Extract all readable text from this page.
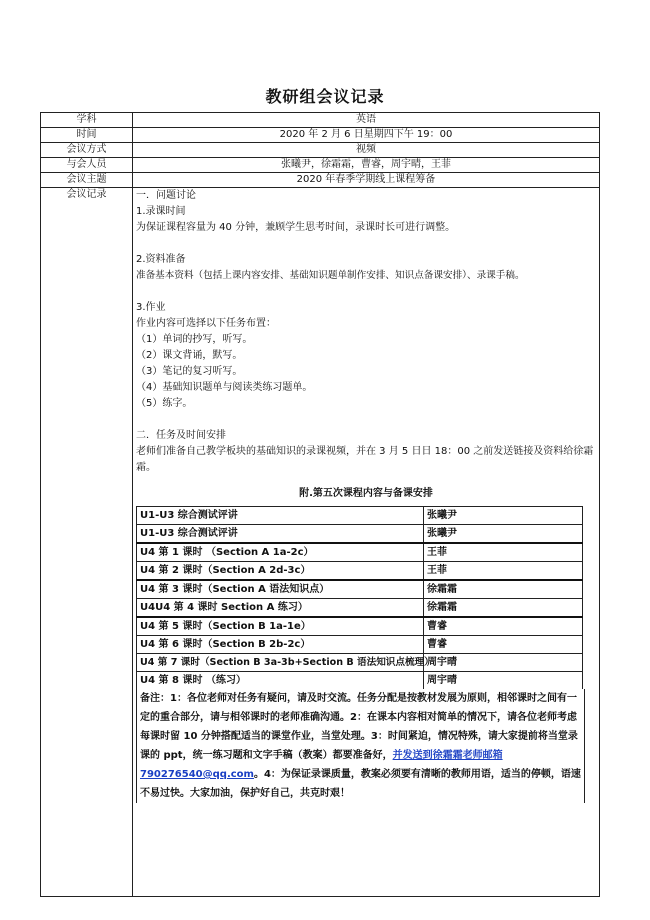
教研组会议记录
学科	英语
时间	2020 年 2 月 6 日星期四下午 19：00
会议方式	视频
与会人员	张曦尹，徐霜霜，曹睿，周宇晴，王菲
会议主题	2020 年春季学期线上课程筹备
会议记录	一．问题讨论

1.录课时间

为保证课程容量为 40 分钟，兼顾学生思考时间，录课时长可进行调整。

2.资料准备

准备基本资料（包括上课内容安排、基础知识题单制作安排、知识点备课安排）、录课手稿。

3.作业

作业内容可选择以下任务布置：

（1）单词的抄写，听写。

（2）课文背诵，默写。

（3）笔记的复习听写。

（4）基础知识题单与阅读类练习题单。

（5）练字。

二．任务及时间安排

老师们准备自己教学板块的基础知识的录课视频，并在 3 月 5 日日 18：00 之前发送链接及资料给徐霜霜。

附.第五次课程内容与备课安排

U1-U3 综合测试评讲	张曦尹
U1-U3 综合测试评讲	张曦尹
U4 第 1 课时 （Section A 1a-2c）	王菲
U4 第 2 课时（Section A 2d-3c）	王菲
U4 第 3 课时（Section A 语法知识点）	徐霜霜
U4U4 第 4 课时 Section A 练习）	徐霜霜
U4 第 5 课时（Section B 1a-1e）	曹睿
U4 第 6 课时（Section B 2b-2c）	曹睿
U4 第 7 课时（Section B 3a-3b+Section B 语法知识点梳理）	周宇晴
U4 第 8 课时 （练习）	周宇晴
备注：1：各位老师对任务有疑问，请及时交流。任务分配是按教材发展为原则，相邻课时之间有一定的重合部分，请与相邻课时的老师准确沟通。2：在课本内容相对简单的情况下，请各位老师考虑每课时留 10 分钟搭配适当的课堂作业，当堂处理。3：时间紧迫，情况特殊，请大家提前将当堂录课的 ppt，统一练习题和文字手稿（教案）都要准备好，并发送到徐霜霜老师邮箱 790276540@qq.com。4：为保证录课质量，教案必须要有清晰的教师用语，适当的停顿，语速不易过快。大家加油，保护好自己，共克时艰！
